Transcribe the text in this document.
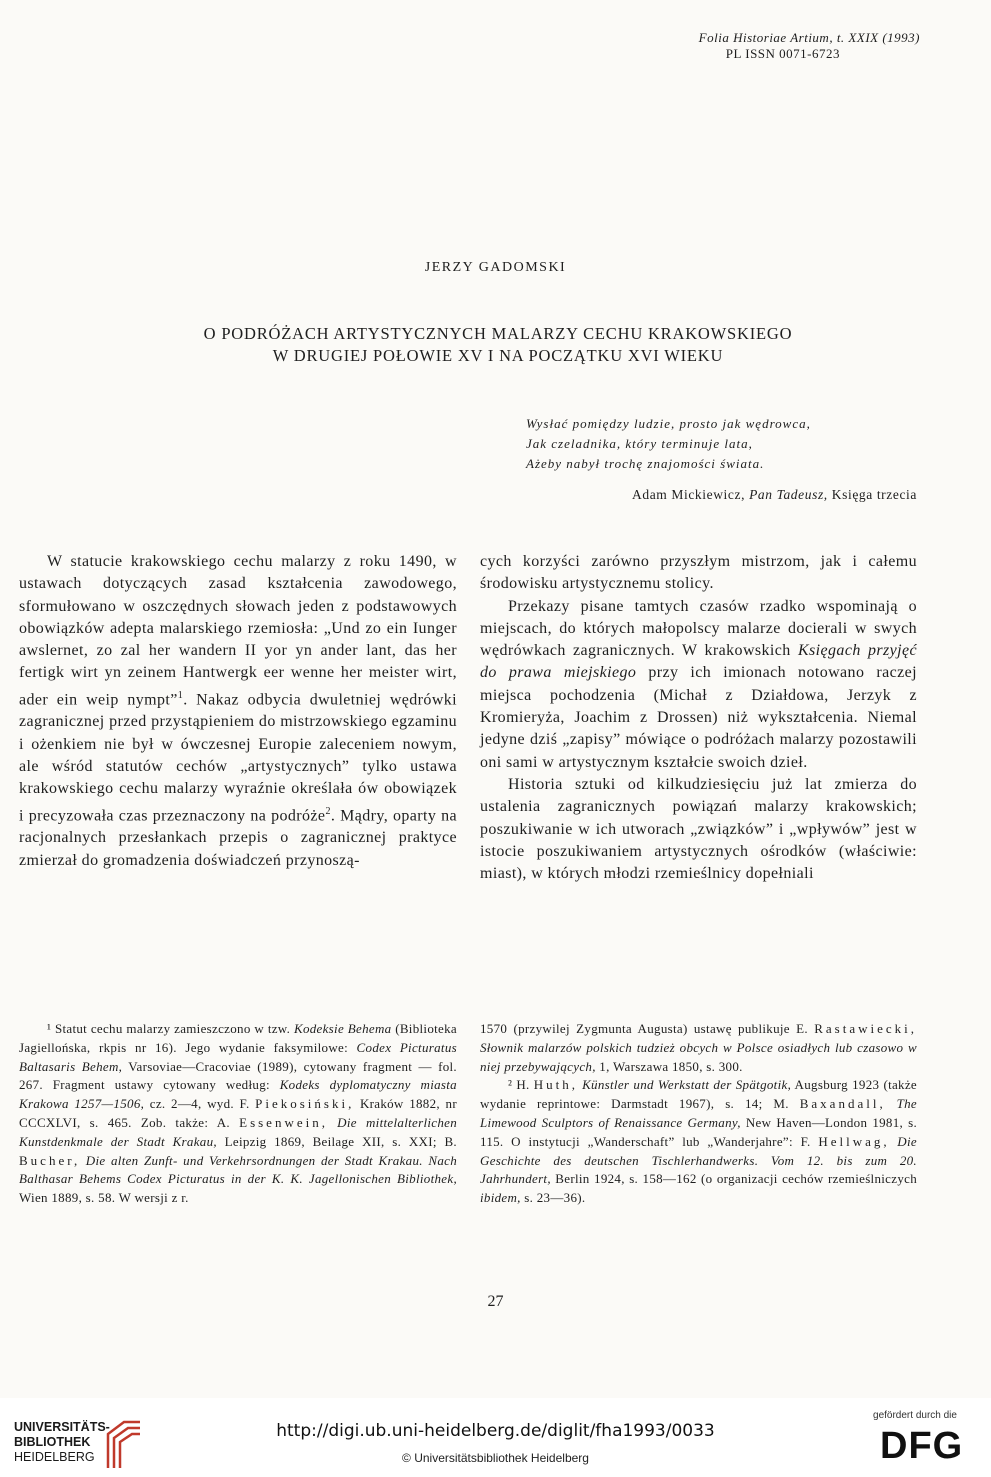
Folia Historiae Artium, t. XXIX (1993)
PL ISSN 0071-6723
JERZY GADOMSKI
O PODRÓŻACH ARTYSTYCZNYCH MALARZY CECHU KRAKOWSKIEGO
W DRUGIEJ POŁOWIE XV I NA POCZĄTKU XVI WIEKU
Wysłać pomiędzy ludzie, prosto jak wędrowca,
Jak czeladnika, który terminuje lata,
Ażeby nabył trochę znajomości świata.
Adam Mickiewicz, Pan Tadeusz, Księga trzecia

W statucie krakowskiego cechu malarzy z roku 1490, w ustawach dotyczących zasad kształcenia zawodowego, sformułowano w oszczędnych słowach jeden z podstawowych obowiązków adepta malarskiego rzemiosła: „Und zo ein Iunger awslernet, zo zal her wandern II yor yn ander lant, das her fertigk wirt yn zeinem Hantwergk eer wenne her meister wirt, ader ein weip nympt”$^1$. Nakaz odbycia dwuletniej wędrówki zagranicznej przed przystąpieniem do mistrzowskiego egzaminu i ożenkiem nie był w ówczesnej Europie zaleceniem nowym, ale wśród statutów cechów „artystycznych” tylko ustawa krakowskiego cechu malarzy wyraźnie określała ów obowiązek i precyzowała czas przeznaczony na podróże$^2$. Mądry, oparty na racjonalnych przesłankach przepis o zagranicznej praktyce zmierzał do gromadzenia doświadczeń przynoszą-

cych korzyści zarówno przyszłym mistrzom, jak i całemu środowisku artystycznemu stolicy.

Przekazy pisane tamtych czasów rzadko wspominają o miejscach, do których małopolscy malarze docierali w swych wędrówkach zagranicznych. W krakowskich Księgach przyjęć do prawa miejskiego przy ich imionach notowano raczej miejsca pochodzenia (Michał z Działdowa, Jerzyk z Kromieryża, Joachim z Drossen) niż wykształcenia. Niemal jedyne dziś „zapisy” mówiące o podróżach malarzy pozostawili oni sami w artystycznym kształcie swoich dzieł.

Historia sztuki od kilkudziesięciu już lat zmierza do ustalenia zagranicznych powiązań malarzy krakowskich; poszukiwanie w ich utworach „związków” i „wpływów” jest w istocie poszukiwaniem artystycznych ośrodków (właściwie: miast), w których młodzi rzemieślnicy dopełniali

¹ Statut cechu malarzy zamieszczono w tzw. Kodeksie Behema (Biblioteka Jagiellońska, rkpis nr 16). Jego wydanie faksymilowe: Codex Picturatus Baltasaris Behem, Varsoviae—Cracoviae (1989), cytowany fragment — fol. 267. Fragment ustawy cytowany według: Kodeks dyplomatyczny miasta Krakowa 1257—1506, cz. 2—4, wyd. F. Piekosiński, Kraków 1882, nr CCCXLVI, s. 465. Zob. także: A. Essenwein, Die mittelalterlichen Kunstdenkmale der Stadt Krakau, Leipzig 1869, Beilage XII, s. XXI; B. Bucher, Die alten Zunft- und Verkehrsordnungen der Stadt Krakau. Nach Balthasar Behems Codex Picturatus in der K. K. Jagellonischen Bibliothek, Wien 1889, s. 58. W wersji z r.

1570 (przywilej Zygmunta Augusta) ustawę publikuje E. Rastawiecki, Słownik malarzów polskich tudzież obcych w Polsce osiadłych lub czasowo w niej przebywających, 1, Warszawa 1850, s. 300.

² H. Huth, Künstler und Werkstatt der Spätgotik, Augsburg 1923 (także wydanie reprintowe: Darmstadt 1967), s. 14; M. Baxandall, The Limewood Sculptors of Renaissance Germany, New Haven—London 1981, s. 115. O instytucji „Wanderschaft” lub „Wanderjahre”: F. Hellwag, Die Geschichte des deutschen Tischlerhandwerks. Vom 12. bis zum 20. Jahrhundert, Berlin 1924, s. 158—162 (o organizacji cechów rzemieślniczych ibidem, s. 23—36).

27
UNIVERSITÄTS-
BIBLIOTHEK
HEIDELBERG
http://digi.ub.uni-heidelberg.de/diglit/fha1993/0033
© Universitätsbibliothek Heidelberg
gefördert durch die
DFG
